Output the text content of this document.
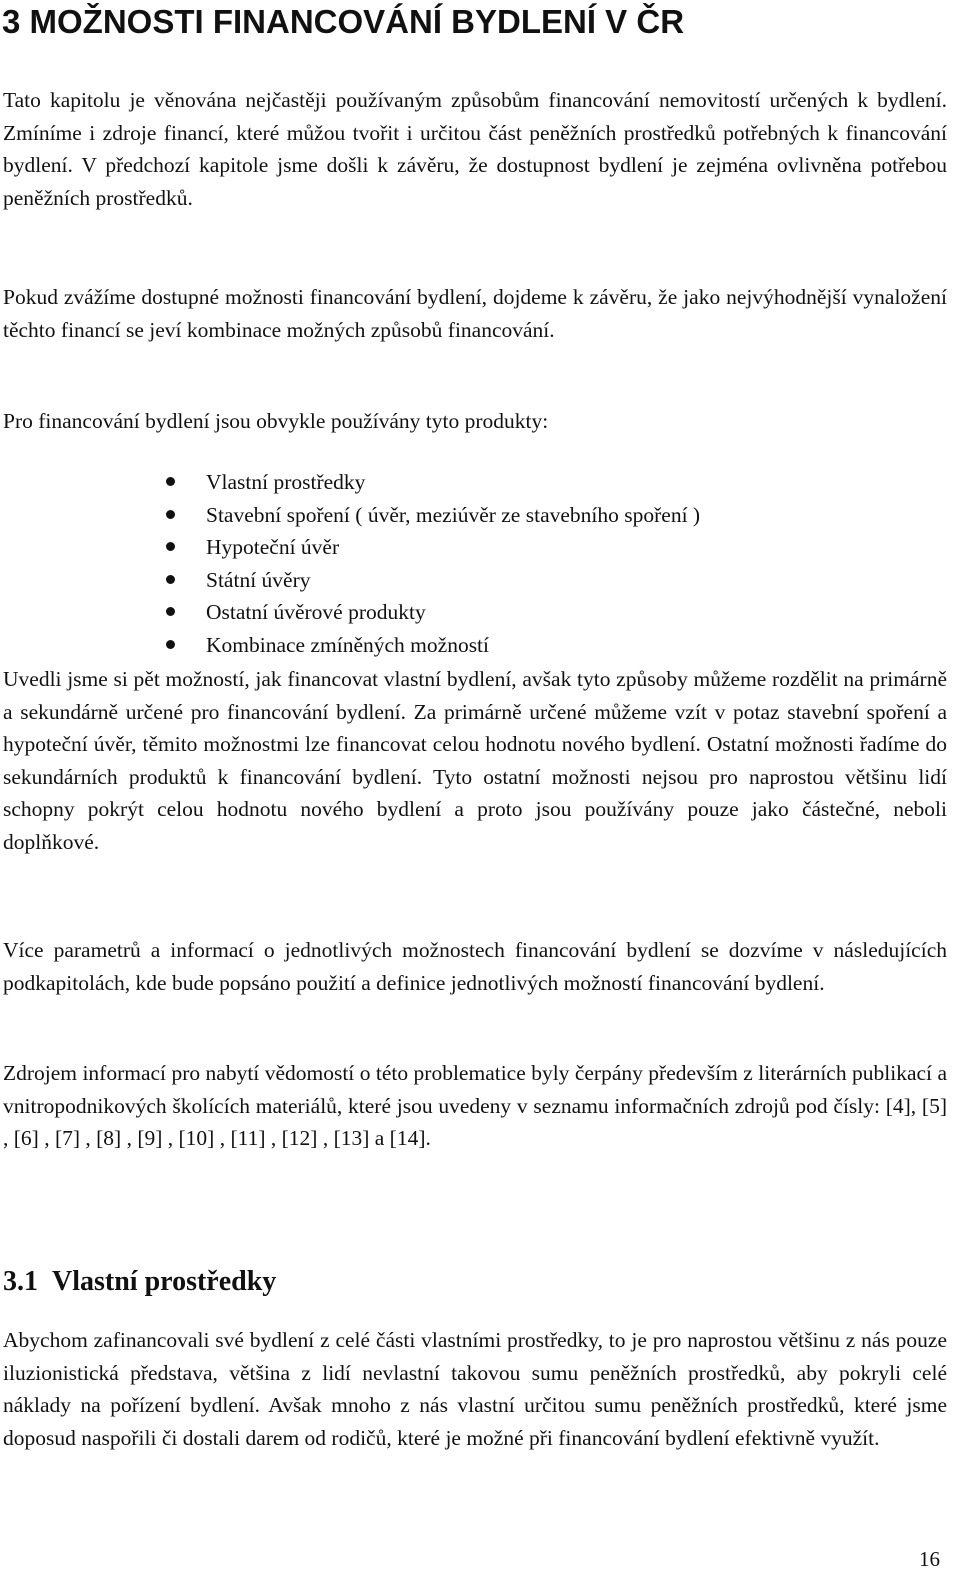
3 MOŽNOSTI FINANCOVÁNÍ BYDLENÍ V ČR

Tato kapitolu je věnována nejčastěji používaným způsobům financování nemovitostí určených k bydlení. Zmíníme i zdroje financí, které můžou tvořit i určitou část peněžních prostředků potřebných k financování bydlení. V předchozí kapitole jsme došli k závěru, že dostupnost bydlení je zejména ovlivněna potřebou peněžních prostředků.

Pokud zvážíme dostupné možnosti financování bydlení, dojdeme k závěru, že jako nejvýhodnější vynaložení těchto financí se jeví kombinace možných způsobů financování.

Pro financování bydlení jsou obvykle používány tyto produkty:

Vlastní prostředky
Stavební spoření ( úvěr, meziúvěr ze stavebního spoření )
Hypoteční úvěr
Státní úvěry
Ostatní úvěrové produkty
Kombinace zmíněných možností

Uvedli jsme si pět možností, jak financovat vlastní bydlení, avšak tyto způsoby můžeme rozdělit na primárně a sekundárně určené pro financování bydlení. Za primárně určené můžeme vzít v potaz stavební spoření a hypoteční úvěr, těmito možnostmi lze financovat celou hodnotu nového bydlení. Ostatní možnosti řadíme do sekundárních produktů k financování bydlení. Tyto ostatní možnosti nejsou pro naprostou většinu lidí schopny pokrýt celou hodnotu nového bydlení a proto jsou používány pouze jako částečné, neboli doplňkové.

Více parametrů a informací o jednotlivých možnostech financování bydlení se dozvíme v následujících podkapitolách, kde bude popsáno použití a definice jednotlivých možností financování bydlení.

Zdrojem informací pro nabytí vědomostí o této problematice byly čerpány především z literárních publikací a vnitropodnikových školících materiálů, které jsou uvedeny v seznamu informačních zdrojů pod čísly: [4], [5] , [6] , [7] , [8] , [9] , [10] , [11] , [12] , [13] a [14].

3.1 Vlastní prostředky

Abychom zafinancovali své bydlení z celé části vlastními prostředky, to je pro naprostou většinu z nás pouze iluzionistická představa, většina z lidí nevlastní takovou sumu peněžních prostředků, aby pokryli celé náklady na pořízení bydlení. Avšak mnoho z nás vlastní určitou sumu peněžních prostředků, které jsme doposud naspořili či dostali darem od rodičů, které je možné při financování bydlení efektivně využít.

16
